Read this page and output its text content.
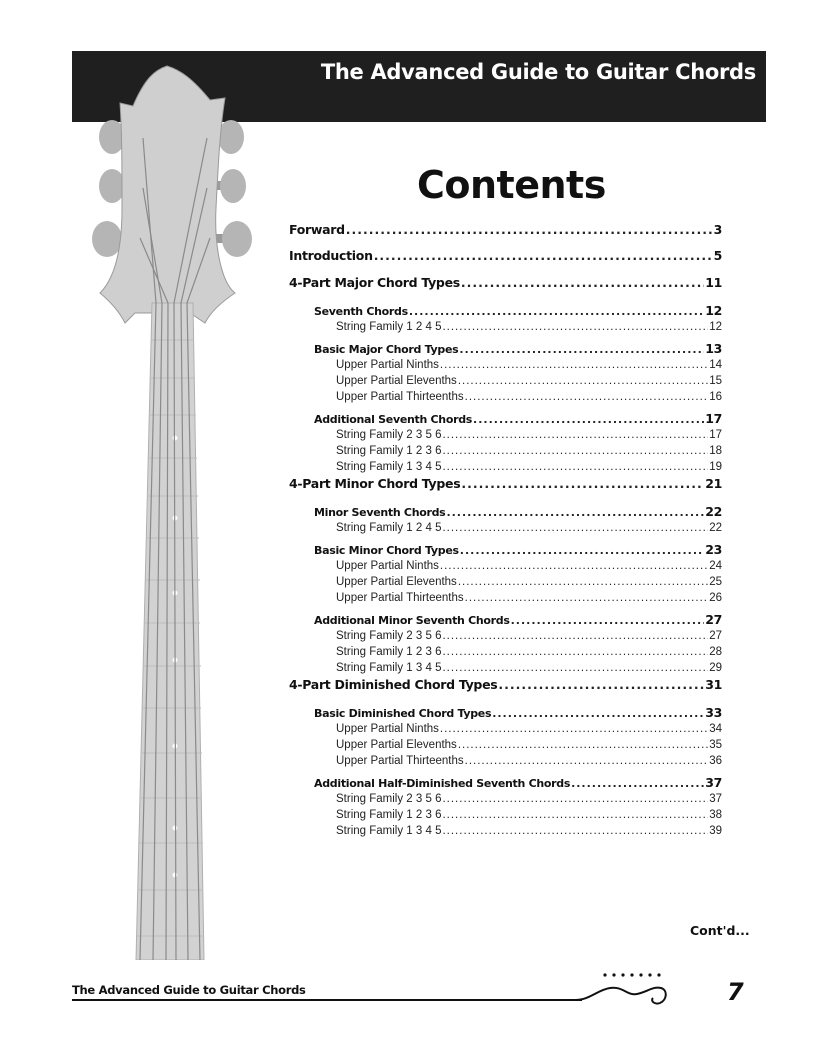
The Advanced Guide to Guitar Chords
Contents
Forward .....	3
Introduction .....	5
4-Part Major Chord Types .....	11
Seventh Chords .....	12
String Family 1 2 4 5 .....	12
Basic Major Chord Types .....	13
Upper Partial Ninths .....	14
Upper Partial Elevenths .....	15
Upper Partial Thirteenths .....	16
Additional Seventh Chords .....	17
String Family 2 3 5 6 .....	17
String Family 1 2 3 6 .....	18
String Family 1 3 4 5 .....	19
4-Part Minor Chord Types .....	21
Minor Seventh Chords .....	22
String Family 1 2 4 5 .....	22
Basic Minor Chord Types .....	23
Upper Partial Ninths .....	24
Upper Partial Elevenths .....	25
Upper Partial Thirteenths .....	26
Additional Minor Seventh Chords .....	27
String Family 2 3 5 6 .....	27
String Family 1 2 3 6 .....	28
String Family 1 3 4 5 .....	29
4-Part Diminished Chord Types .....	31
Basic Diminished Chord Types .....	33
Upper Partial Ninths .....	34
Upper Partial Elevenths .....	35
Upper Partial Thirteenths .....	36
Additional Half-Diminished Seventh Chords .....	37
String Family 2 3 5 6 .....	37
String Family 1 2 3 6 .....	38
String Family 1 3 4 5 .....	39
Cont'd...
The Advanced Guide to Guitar Chords	7
